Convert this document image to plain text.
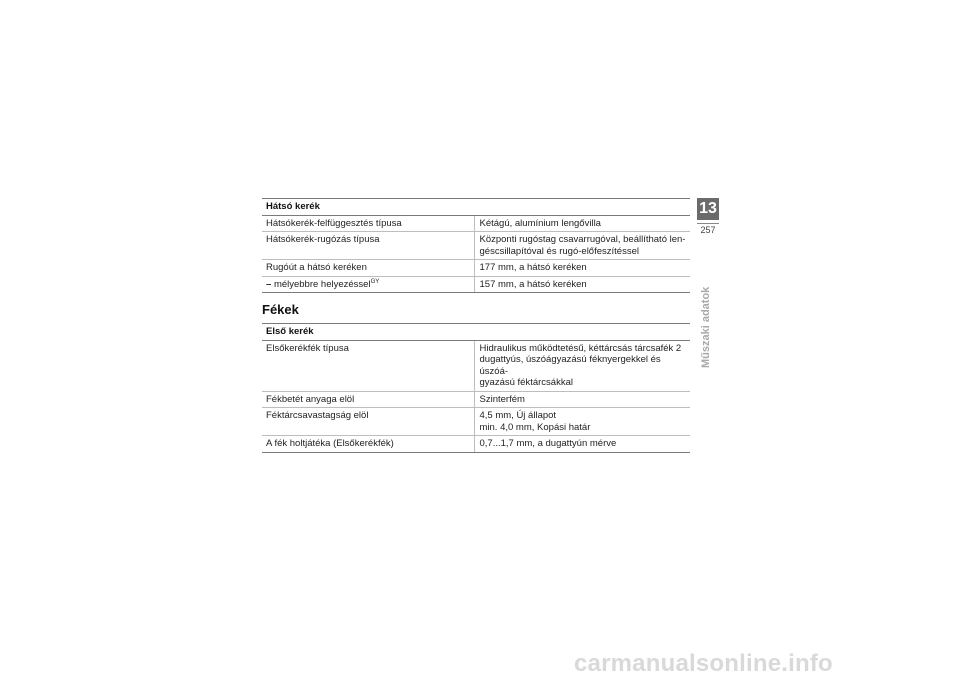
Hátsó kerék	
Hátsókerék-felfüggesztés típusa	Kétágú, alumínium lengővilla
Hátsókerék-rugózás típusa	Központi rugóstag csavarrugóval, beállítható len-
géscsillapítóval és rugó-előfeszítéssel
Rugóút a hátsó keréken	177 mm, a hátsó keréken
– mélyebbre helyezéssel$^{GY}$	157 mm, a hátsó keréken
Fékek
Első kerék	
Elsőkerékfék típusa	Hidraulikus működtetésű, kéttárcsás tárcsafék 2
dugattyús, úszóágyazású féknyergekkel és úszóá-
gyazású féktárcsákkal
Fékbetét anyaga elöl	Szinterfém
Féktárcsavastagság elöl	4,5 mm, Új állapot
min. 4,0 mm, Kopási határ
A fék holtjátéka (Elsőkerékfék)	0,7...1,7 mm, a dugattyún mérve
13
257
Műszaki adatok
carmanualsonline.info
